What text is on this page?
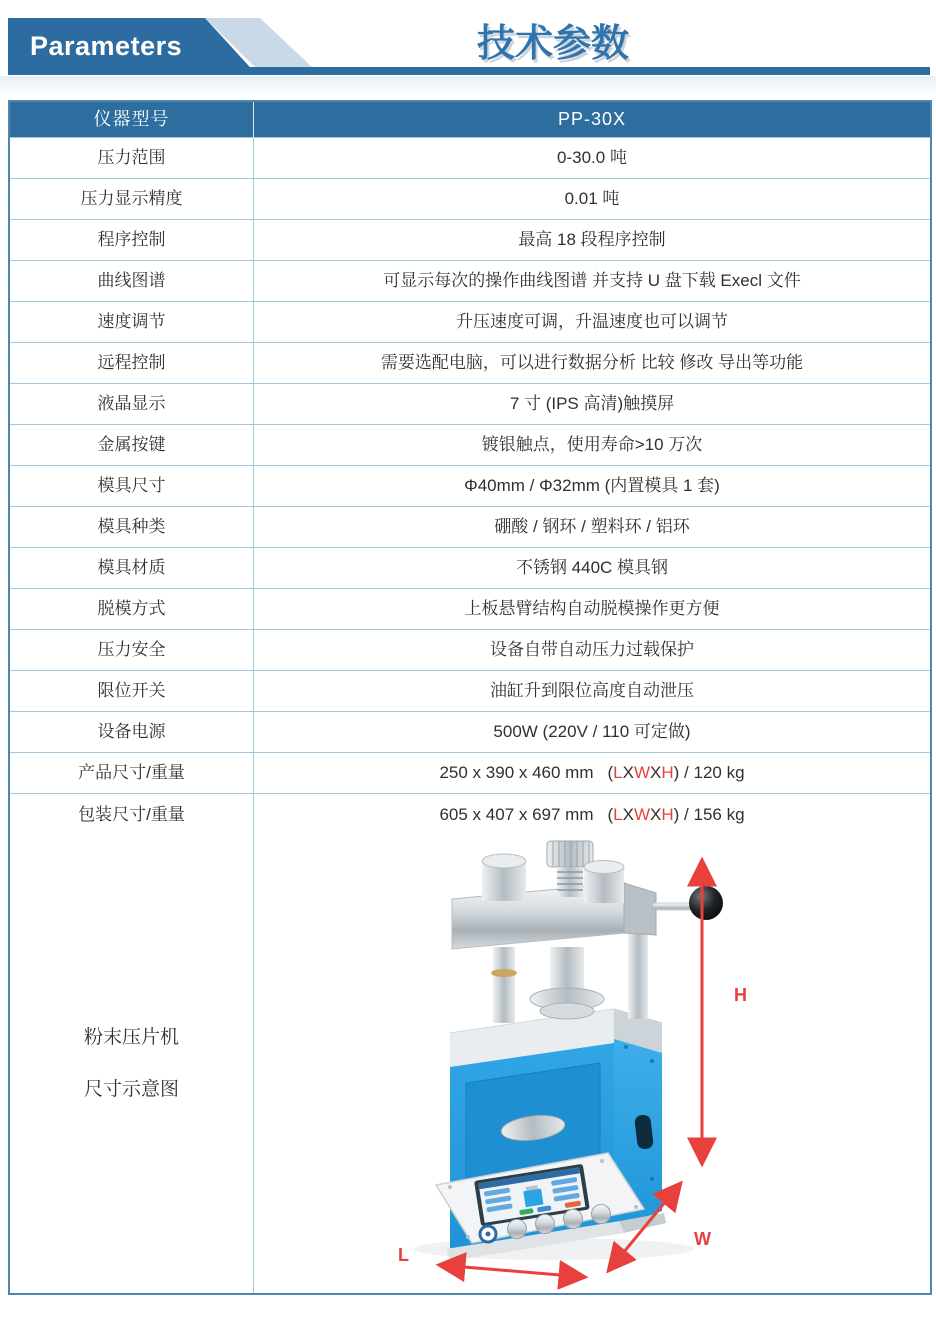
Parameters	技术参数
仪器型号	PP-30X
压力范围	0-30.0 吨
压力显示精度	0.01 吨
程序控制	最高 18 段程序控制
曲线图谱	可显示每次的操作曲线图谱 并支持 U 盘下载 Execl 文件
速度调节	升压速度可调，升温速度也可以调节
远程控制	需要选配电脑，可以进行数据分析 比较 修改 导出等功能
液晶显示	7 寸 (IPS 高清)触摸屏
金属按键	镀银触点，使用寿命>10 万次
模具尺寸	Φ40mm / Φ32mm (内置模具 1 套)
模具种类	硼酸 / 钢环 / 塑料环 / 铝环
模具材质	不锈钢 440C 模具钢
脱模方式	上板悬臂结构自动脱模操作更方便
压力安全	设备自带自动压力过载保护
限位开关	油缸升到限位高度自动泄压
设备电源	500W (220V / 110 可定做)
产品尺寸/重量	250 x 390 x 460 mm ( L X W X H ) / 120 kg
包装尺寸/重量	605 x 407 x 697 mm ( L X W X H ) / 156 kg
粉末压片机
尺寸示意图
H
W
L
